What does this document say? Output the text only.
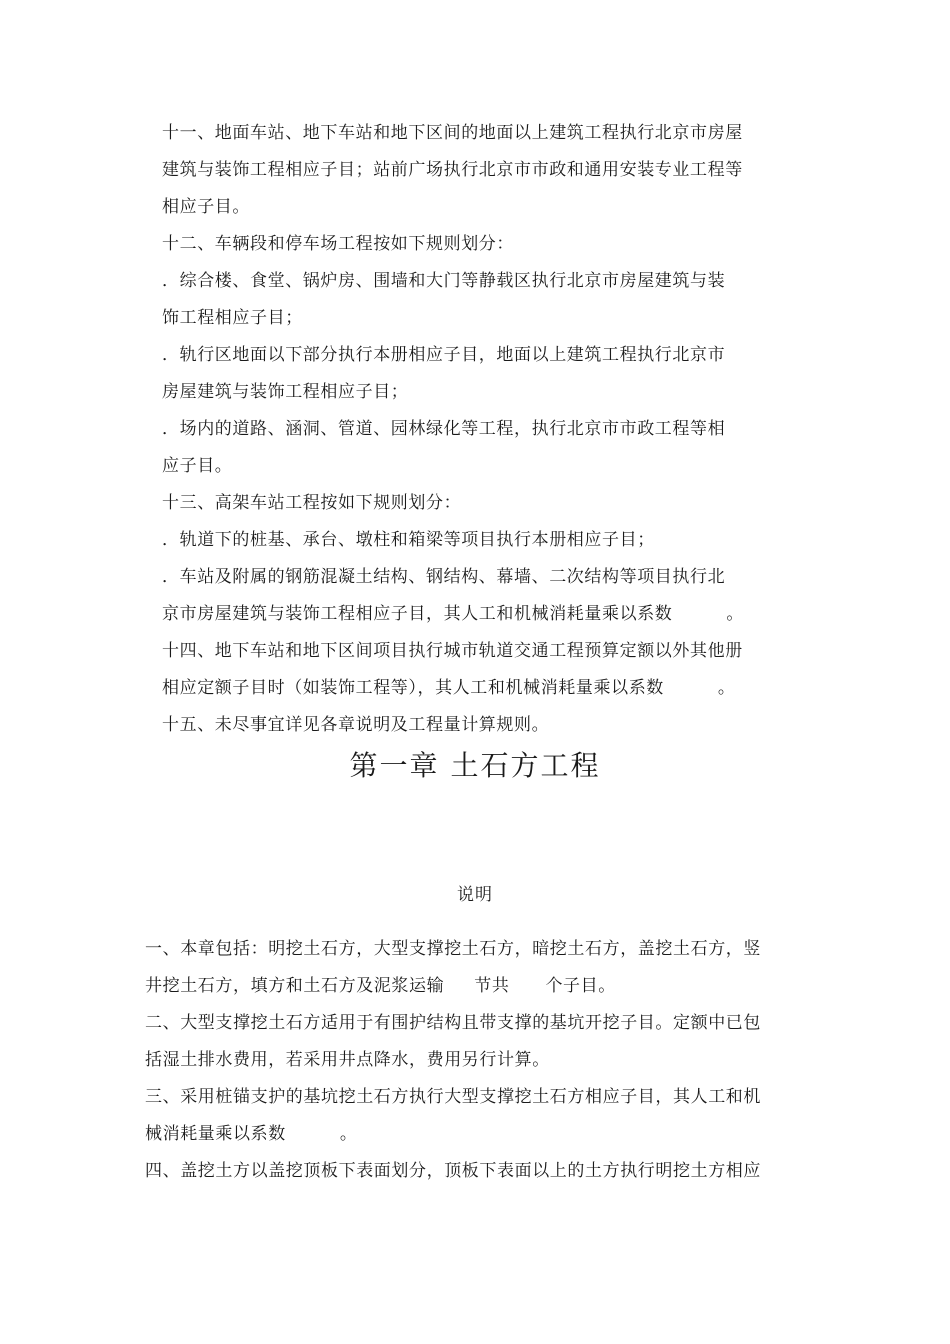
十一、地面车站、地下车站和地下区间的地面以上建筑工程执行北京市房屋
建筑与装饰工程相应子目；站前广场执行北京市市政和通用安装专业工程等
相应子目。
十二、车辆段和停车场工程按如下规则划分：
．综合楼、食堂、锅炉房、围墙和大门等静载区执行北京市房屋建筑与装
饰工程相应子目；
．轨行区地面以下部分执行本册相应子目，地面以上建筑工程执行北京市
房屋建筑与装饰工程相应子目；
．场内的道路、涵洞、管道、园林绿化等工程，执行北京市市政工程等相
应子目。
十三、高架车站工程按如下规则划分：
．轨道下的桩基、承台、墩柱和箱梁等项目执行本册相应子目；
．车站及附属的钢筋混凝土结构、钢结构、幕墙、二次结构等项目执行北
京市房屋建筑与装饰工程相应子目，其人工和机械消耗量乘以系数         。
十四、地下车站和地下区间项目执行城市轨道交通工程预算定额以外其他册
相应定额子目时（如装饰工程等），其人工和机械消耗量乘以系数         。
十五、未尽事宜详见各章说明及工程量计算规则。
第一章 土石方工程
说明
一、本章包括：明挖土石方，大型支撑挖土石方，暗挖土石方，盖挖土石方，竖
井挖土石方，填方和土石方及泥浆运输     节共      个子目。
二、大型支撑挖土石方适用于有围护结构且带支撑的基坑开挖子目。定额中已包
括湿土排水费用，若采用井点降水，费用另行计算。
三、采用桩锚支护的基坑挖土石方执行大型支撑挖土石方相应子目，其人工和机
械消耗量乘以系数         。
四、盖挖土方以盖挖顶板下表面划分，顶板下表面以上的土方执行明挖土方相应
